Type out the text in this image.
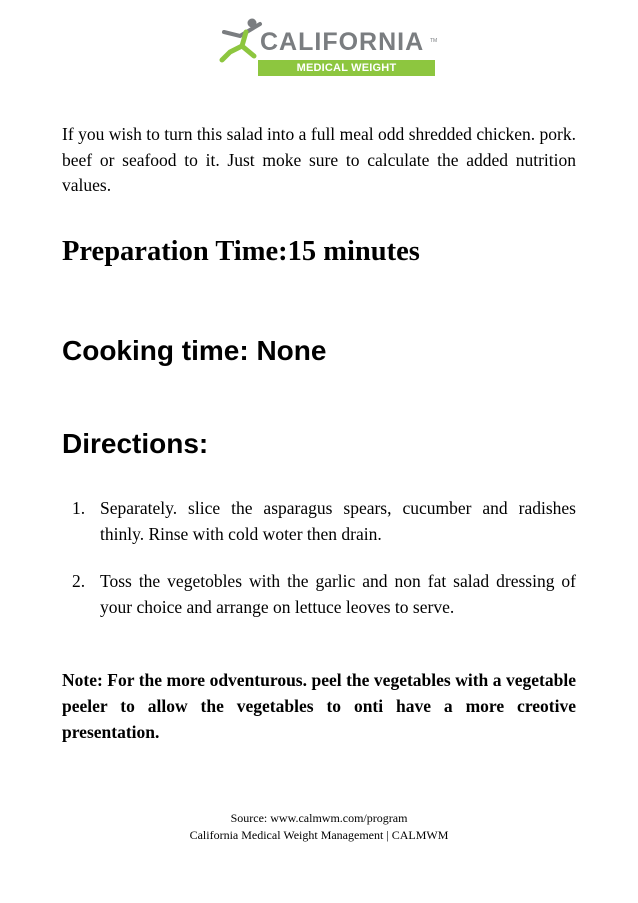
CALIFORNIA TM
MEDICAL WEIGHT MANAGEMENT

If you wish to turn this salad into a full meal odd shredded chicken. pork. beef or seafood to it. Just moke sure to calculate the added nutrition values.

Preparation Time:15 minutes
Cooking time: None
Directions:
1. Separately. slice the asparagus spears, cucumber and radishes thinly. Rinse with cold woter then drain.
2. Toss the vegetobles with the garlic and non fat salad dressing of your choice and arrange on lettuce leoves to serve.

Note: For the more odventurous. peel the vegetables with a vegetable peeler to allow the vegetables to onti have a more creotive presentation.

Source: www.calmwm.com/program
California Medical Weight Management | CALMWM
